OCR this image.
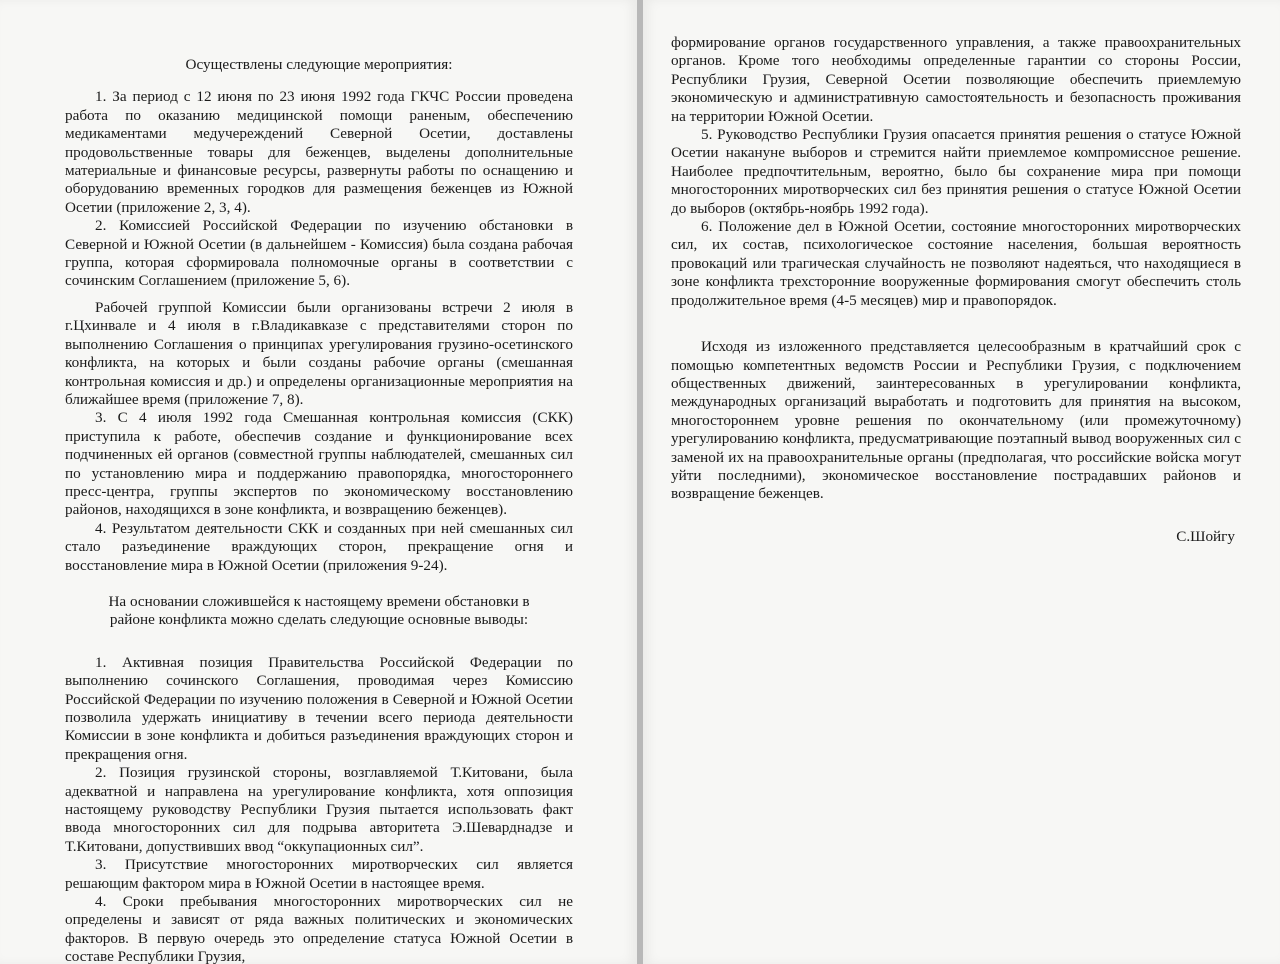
Осуществлены следующие мероприятия:

1. За период с 12 июня по 23 июня 1992 года ГКЧС России проведена работа по оказанию медицинской помощи раненым, обеспечению медикаментами медучереждений Северной Осетии, доставлены продовольственные товары для беженцев, выделены дополнительные материальные и финансовые ресурсы, развернуты работы по оснащению и оборудованию временных городков для размещения беженцев из Южной Осетии (приложение 2, 3, 4).

2. Комиссией Российской Федерации по изучению обстановки в Северной и Южной Осетии (в дальнейшем - Комиссия) была создана рабочая группа, которая сформировала полномочные органы в соответствии с сочинским Соглашением (приложение 5, 6).

Рабочей группой Комиссии были организованы встречи 2 июля в г.Цхинвале и 4 июля в г.Владикавказе с представителями сторон по выполнению Соглашения о принципах урегулирования грузино-осетинского конфликта, на которых и были созданы рабочие органы (смешанная контрольная комиссия и др.) и определены организационные мероприятия на ближайшее время (приложение 7, 8).

3. С 4 июля 1992 года Смешанная контрольная комиссия (СКК) приступила к работе, обеспечив создание и функционирование всех подчиненных ей органов (совместной группы наблюдателей, смешанных сил по установлению мира и поддержанию правопорядка, многостороннего пресс-центра, группы экспертов по экономическому восстановлению районов, находящихся в зоне конфликта, и возвращению беженцев).

4. Результатом деятельности СКК и созданных при ней смешанных сил стало разъединение враждующих сторон, прекращение огня и восстановление мира в Южной Осетии (приложения 9-24).

На основании сложившейся к настоящему времени обстановки в районе конфликта можно сделать следующие основные выводы:

1. Активная позиция Правительства Российской Федерации по выполнению сочинского Соглашения, проводимая через Комиссию Российской Федерации по изучению положения в Северной и Южной Осетии позволила удержать инициативу в течении всего периода деятельности Комиссии в зоне конфликта и добиться разъединения враждующих сторон и прекращения огня.

2. Позиция грузинской стороны, возглавляемой Т.Китовани, была адекватной и направлена на урегулирование конфликта, хотя оппозиция настоящему руководству Республики Грузия пытается использовать факт ввода многосторонних сил для подрыва авторитета Э.Шеварднадзе и Т.Китовани, допуствивших ввод “оккупационных сил”.

3. Присутствие многосторонних миротворческих сил является решающим фактором мира в Южной Осетии в настоящее время.

4. Сроки пребывания многосторонних миротворческих сил не определены и зависят от ряда важных политических и экономических факторов. В первую очередь это определение статуса Южной Осетии в составе Республики Грузия,

формирование органов государственного управления, а также правоохранительных органов. Кроме того необходимы определенные гарантии со стороны России, Республики Грузия, Северной Осетии позволяющие обеспечить приемлемую экономическую и административную самостоятельность и безопасность проживания на территории Южной Осетии.

5. Руководство Республики Грузия опасается принятия решения о статусе Южной Осетии накануне выборов и стремится найти приемлемое компромиссное решение. Наиболее предпочтительным, вероятно, было бы сохранение мира при помощи многосторонних миротворческих сил без принятия решения о статусе Южной Осетии до выборов (октябрь-ноябрь 1992 года).

6. Положение дел в Южной Осетии, состояние многосторонних миротворческих сил, их состав, психологическое состояние населения, большая вероятность провокаций или трагическая случайность не позволяют надеяться, что находящиеся в зоне конфликта трехсторонние вооруженные формирования смогут обеспечить столь продолжительное время (4-5 месяцев) мир и правопорядок.

Исходя из изложенного представляется целесообразным в кратчайший срок с помощью компетентных ведомств России и Республики Грузия, с подключением общественных движений, заинтересованных в урегулировании конфликта, международных организаций выработать и подготовить для принятия на высоком, многостороннем уровне решения по окончательному (или промежуточному) урегулированию конфликта, предусматривающие поэтапный вывод вооруженных сил с заменой их на правоохранительные органы (предполагая, что российские войска могут уйти последними), экономическое восстановление пострадавших районов и возвращение беженцев.

С.Шойгу
